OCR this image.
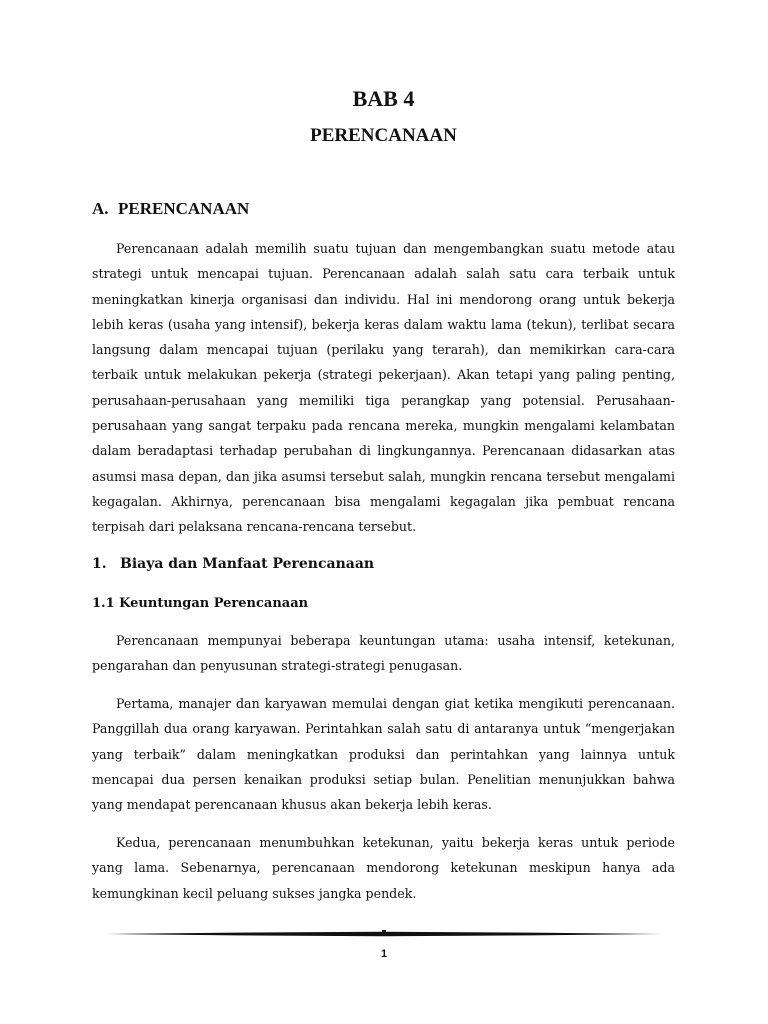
BAB 4
PERENCANAAN
A. PERENCANAAN

Perencanaan adalah memilih suatu tujuan dan mengembangkan suatu metode atau strategi untuk mencapai tujuan. Perencanaan adalah salah satu cara terbaik untuk meningkatkan kinerja organisasi dan individu. Hal ini mendorong orang untuk bekerja lebih keras (usaha yang intensif), bekerja keras dalam waktu lama (tekun), terlibat secara langsung dalam mencapai tujuan (perilaku yang terarah), dan memikirkan cara-cara terbaik untuk melakukan pekerja (strategi pekerjaan). Akan tetapi yang paling penting, perusahaan-perusahaan yang memiliki tiga perangkap yang potensial. Perusahaan-perusahaan yang sangat terpaku pada rencana mereka, mungkin mengalami kelambatan dalam beradaptasi terhadap perubahan di lingkungannya. Perencanaan didasarkan atas asumsi masa depan, dan jika asumsi tersebut salah, mungkin rencana tersebut mengalami kegagalan. Akhirnya, perencanaan bisa mengalami kegagalan jika pembuat rencana terpisah dari pelaksana rencana-rencana tersebut.

1. Biaya dan Manfaat Perencanaan
1.1 Keuntungan Perencanaan

Perencanaan mempunyai beberapa keuntungan utama: usaha intensif, ketekunan, pengarahan dan penyusunan strategi-strategi penugasan.

Pertama, manajer dan karyawan memulai dengan giat ketika mengikuti perencanaan. Panggillah dua orang karyawan. Perintahkan salah satu di antaranya untuk “mengerjakan yang terbaik” dalam meningkatkan produksi dan perintahkan yang lainnya untuk mencapai dua persen kenaikan produksi setiap bulan. Penelitian menunjukkan bahwa yang mendapat perencanaan khusus akan bekerja lebih keras.

Kedua, perencanaan menumbuhkan ketekunan, yaitu bekerja keras untuk periode yang lama. Sebenarnya, perencanaan mendorong ketekunan meskipun hanya ada kemungkinan kecil peluang sukses jangka pendek.

1
